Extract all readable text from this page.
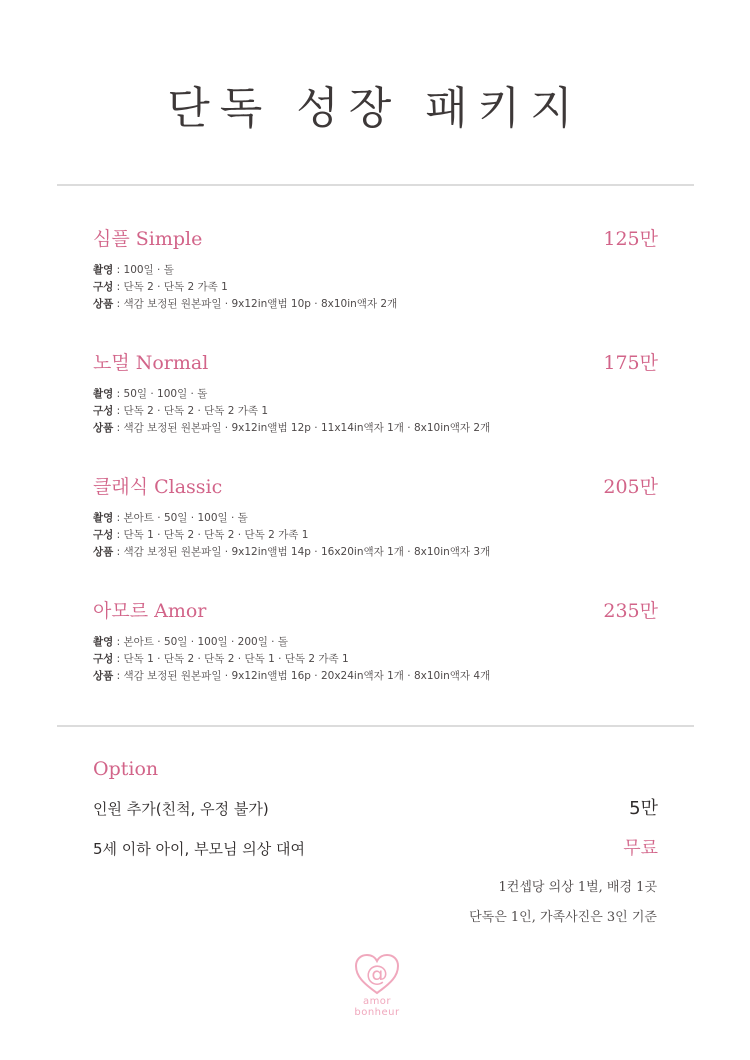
단독 성장 패키지
심플 Simple	125만
촬영 : 100일 · 돌
구성 : 단독 2 · 단독 2 가족 1
상품 : 색감 보정된 원본파일 · 9x12in앨범 10p · 8x10in액자 2개
노멀 Normal	175만
촬영 : 50일 · 100일 · 돌
구성 : 단독 2 · 단독 2 · 단독 2 가족 1
상품 : 색감 보정된 원본파일 · 9x12in앨범 12p · 11x14in액자 1개 · 8x10in액자 2개
클래식 Classic	205만
촬영 : 본아트 · 50일 · 100일 · 돌
구성 : 단독 1 · 단독 2 · 단독 2 · 단독 2 가족 1
상품 : 색감 보정된 원본파일 · 9x12in앨범 14p · 16x20in액자 1개 · 8x10in액자 3개
아모르 Amor	235만
촬영 : 본아트 · 50일 · 100일 · 200일 · 돌
구성 : 단독 1 · 단독 2 · 단독 2 · 단독 1 · 단독 2 가족 1
상품 : 색감 보정된 원본파일 · 9x12in앨범 16p · 20x24in액자 1개 · 8x10in액자 4개
Option
인원 추가(친척, 우정 불가)	5만
5세 이하 아이, 부모님 의상 대여	무료
1컨셉당 의상 1벌, 배경 1곳
단독은 1인, 가족사진은 3인 기준
@
amor
bonheur
